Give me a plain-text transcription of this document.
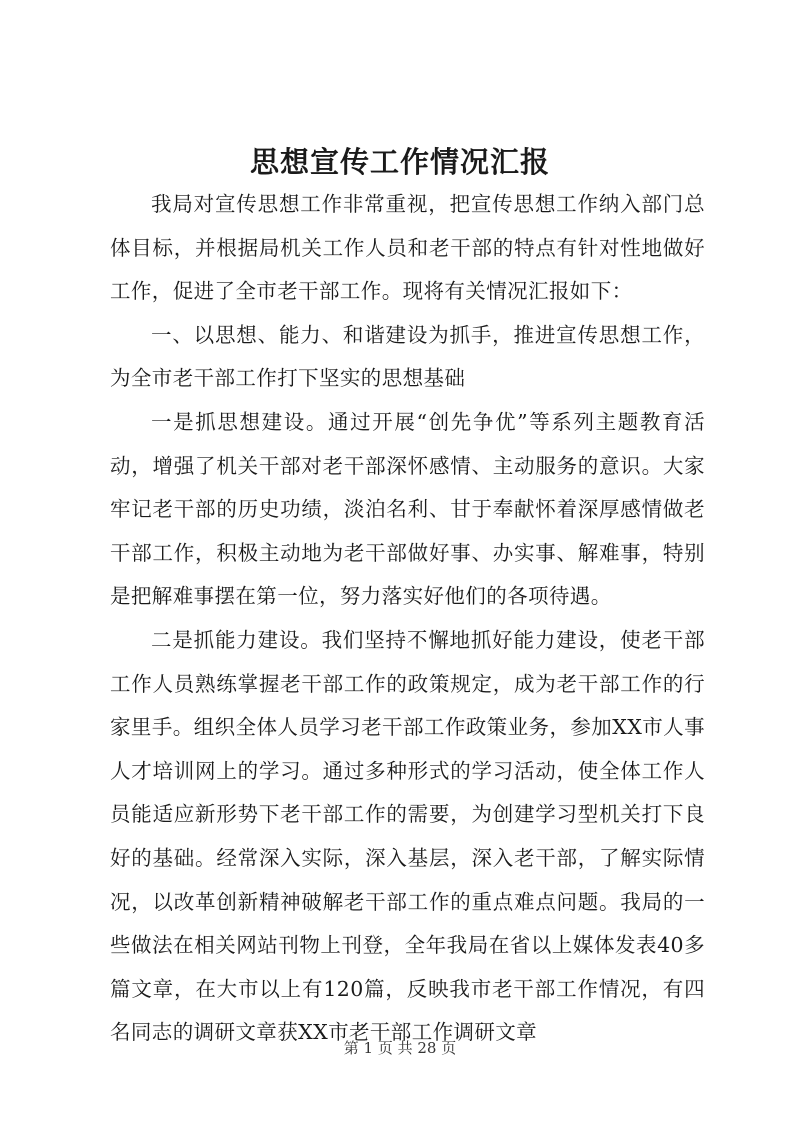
思想宣传工作情况汇报

我局对宣传思想工作非常重视，把宣传思想工作纳入部门总体目标，并根据局机关工作人员和老干部的特点有针对性地做好工作，促进了全市老干部工作。现将有关情况汇报如下：

一、以思想、能力、和谐建设为抓手，推进宣传思想工作，为全市老干部工作打下坚实的思想基础

一是抓思想建设。通过开展“创先争优”等系列主题教育活动，增强了机关干部对老干部深怀感情、主动服务的意识。大家牢记老干部的历史功绩，淡泊名利、甘于奉献怀着深厚感情做老干部工作，积极主动地为老干部做好事、办实事、解难事，特别是把解难事摆在第一位，努力落实好他们的各项待遇。

二是抓能力建设。我们坚持不懈地抓好能力建设，使老干部工作人员熟练掌握老干部工作的政策规定，成为老干部工作的行家里手。组织全体人员学习老干部工作政策业务，参加XX市人事人才培训网上的学习。通过多种形式的学习活动，使全体工作人员能适应新形势下老干部工作的需要，为创建学习型机关打下良好的基础。经常深入实际，深入基层，深入老干部，了解实际情况，以改革创新精神破解老干部工作的重点难点问题。我局的一些做法在相关网站刊物上刊登，全年我局在省以上媒体发表40多篇文章，在大市以上有120篇，反映我市老干部工作情况，有四名同志的调研文章获XX市老干部工作调研文章

第 1 页 共 28 页
